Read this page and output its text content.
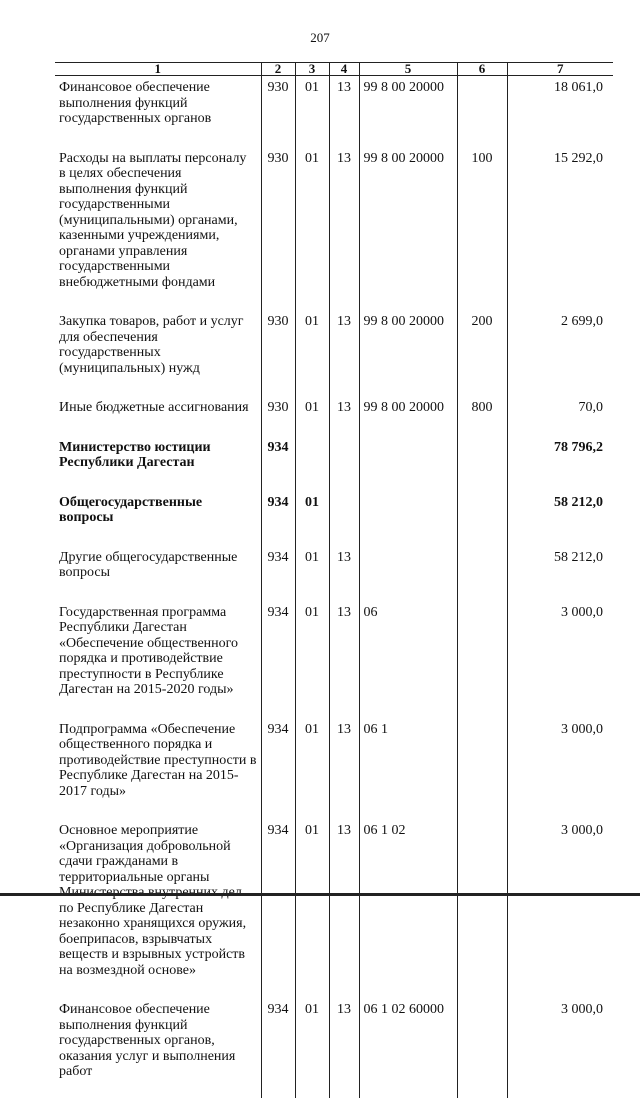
207
1	2	3	4	5	6	7
Финансовое обеспечение выполнения функций государственных органов	930	01	13	99 8 00 20000		18 061,0
Расходы на выплаты персоналу в целях обеспечения выполнения функций государственными (муниципальными) органами, казенными учреждениями, органами управления государственными внебюджетными фондами	930	01	13	99 8 00 20000	100	15 292,0
Закупка товаров, работ и услуг для обеспечения государственных (муниципальных) нужд	930	01	13	99 8 00 20000	200	2 699,0
Иные бюджетные ассигнования	930	01	13	99 8 00 20000	800	70,0
Министерство юстиции Республики Дагестан	934					78 796,2
Общегосударственные вопросы	934	01				58 212,0
Другие общегосударственные вопросы	934	01	13			58 212,0
Государственная программа Республики Дагестан «Обеспечение общественного порядка и противодействие преступности в Республике Дагестан на 2015-2020 годы»	934	01	13	06		3 000,0
Подпрограмма «Обеспечение общественного порядка и противодействие преступности в Республике Дагестан на 2015-2017 годы»	934	01	13	06 1		3 000,0
Основное мероприятие «Организация добровольной сдачи гражданами в территориальные органы по Республике Дагестан незаконно хранящихся оружия, боеприпасов, взрывчатых веществ и взрывных устройств на возмездной основе»	934	01	13	06 1 02		3 000,0
Финансовое обеспечение выполнения функций государственных органов, оказания услуг и выполнения работ	934	01	13	06 1 02 60000		3 000,0
